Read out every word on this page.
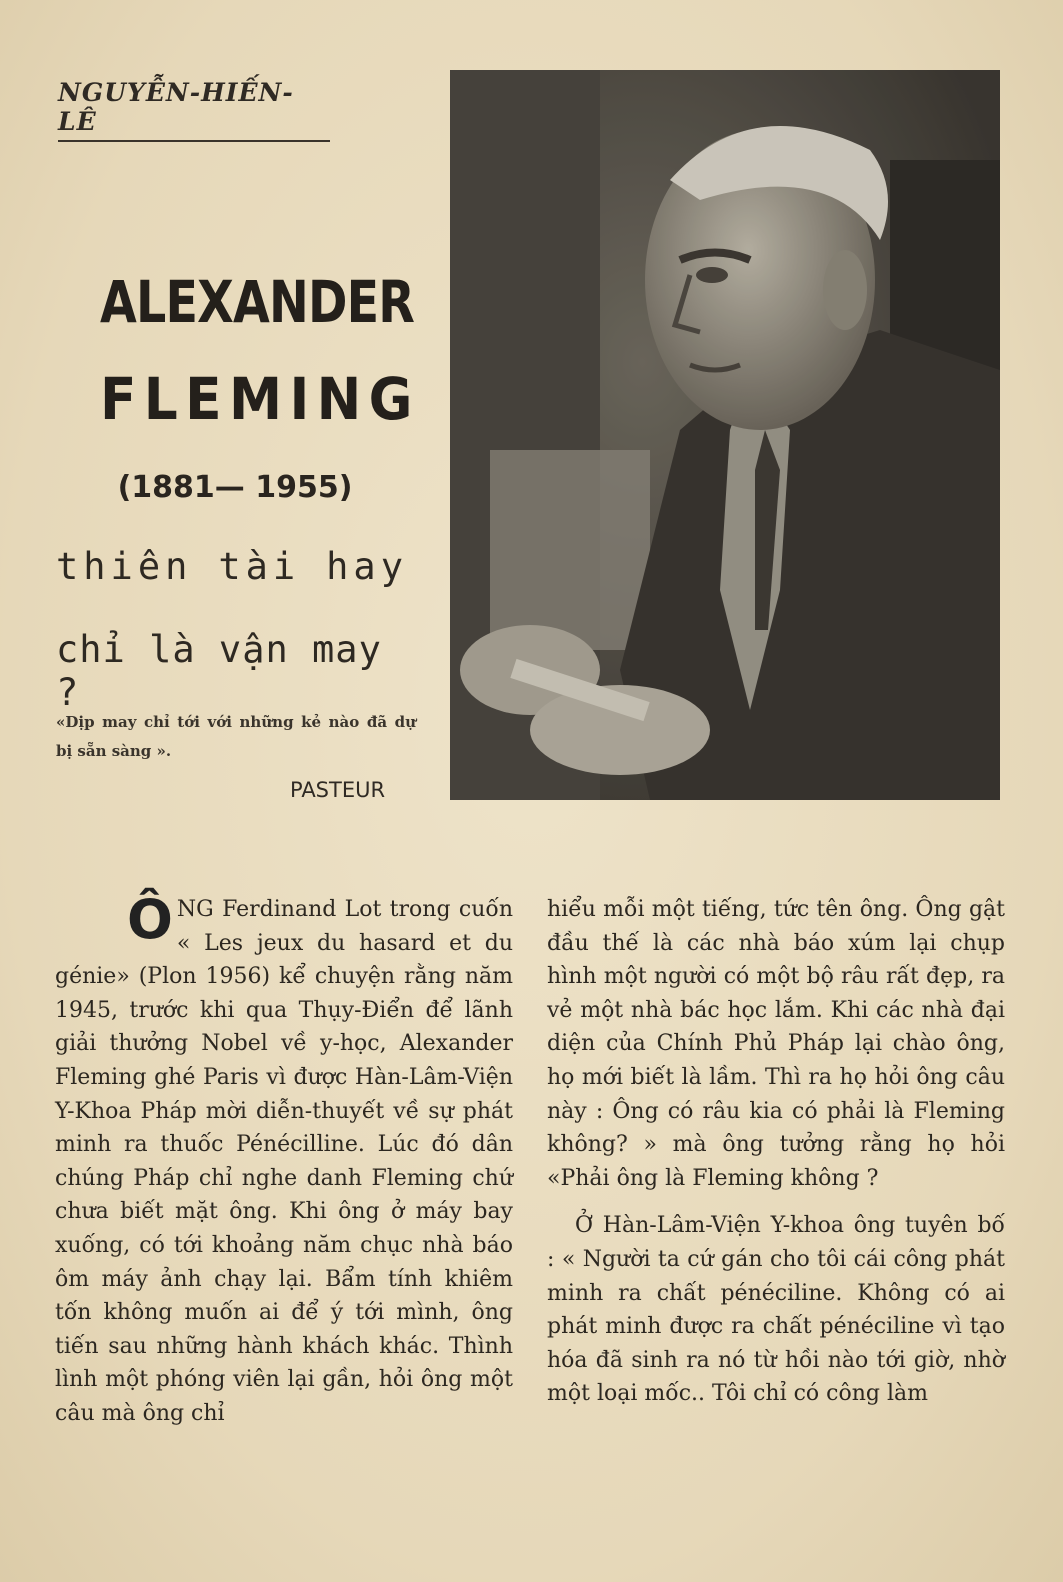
NGUYỄN-HIẾN-LÊ
ALEXANDER
FLEMING
(1881— 1955)
thiên tài hay
chỉ là vận may ?
«Dịp may chỉ tới với những kẻ nào đã dự bị sẵn sàng ».
PASTEUR

ÔNG Ferdinand Lot trong cuốn « Les jeux du hasard et du génie» (Plon 1956) kể chuyện rằng năm 1945, trước khi qua Thụy-Điển để lãnh giải thưởng Nobel về y-học, Alexander Fleming ghé Paris vì được Hàn-Lâm-Viện Y-Khoa Pháp mời diễn-thuyết về sự phát minh ra thuốc Pénécilline. Lúc đó dân chúng Pháp chỉ nghe danh Fleming chứ chưa biết mặt ông. Khi ông ở máy bay xuống, có tới khoảng năm chục nhà báo ôm máy ảnh chạy lại. Bẩm tính khiêm tốn không muốn ai để ý tới mình, ông tiến sau những hành khách khác. Thình lình một phóng viên lại gần, hỏi ông một câu mà ông chỉ

hiểu mỗi một tiếng, tức tên ông. Ông gật đầu thế là các nhà báo xúm lại chụp hình một người có một bộ râu rất đẹp, ra vẻ một nhà bác học lắm. Khi các nhà đại diện của Chính Phủ Pháp lại chào ông, họ mới biết là lầm. Thì ra họ hỏi ông câu này : Ông có râu kia có phải là Fleming không? » mà ông tưởng rằng họ hỏi «Phải ông là Fleming không ?

Ở Hàn-Lâm-Viện Y-khoa ông tuyên bố : « Người ta cứ gán cho tôi cái công phát minh ra chất pénéciline. Không có ai phát minh được ra chất pénéciline vì tạo hóa đã sinh ra nó từ hồi nào tới giờ, nhờ một loại mốc.. Tôi chỉ có công làm
